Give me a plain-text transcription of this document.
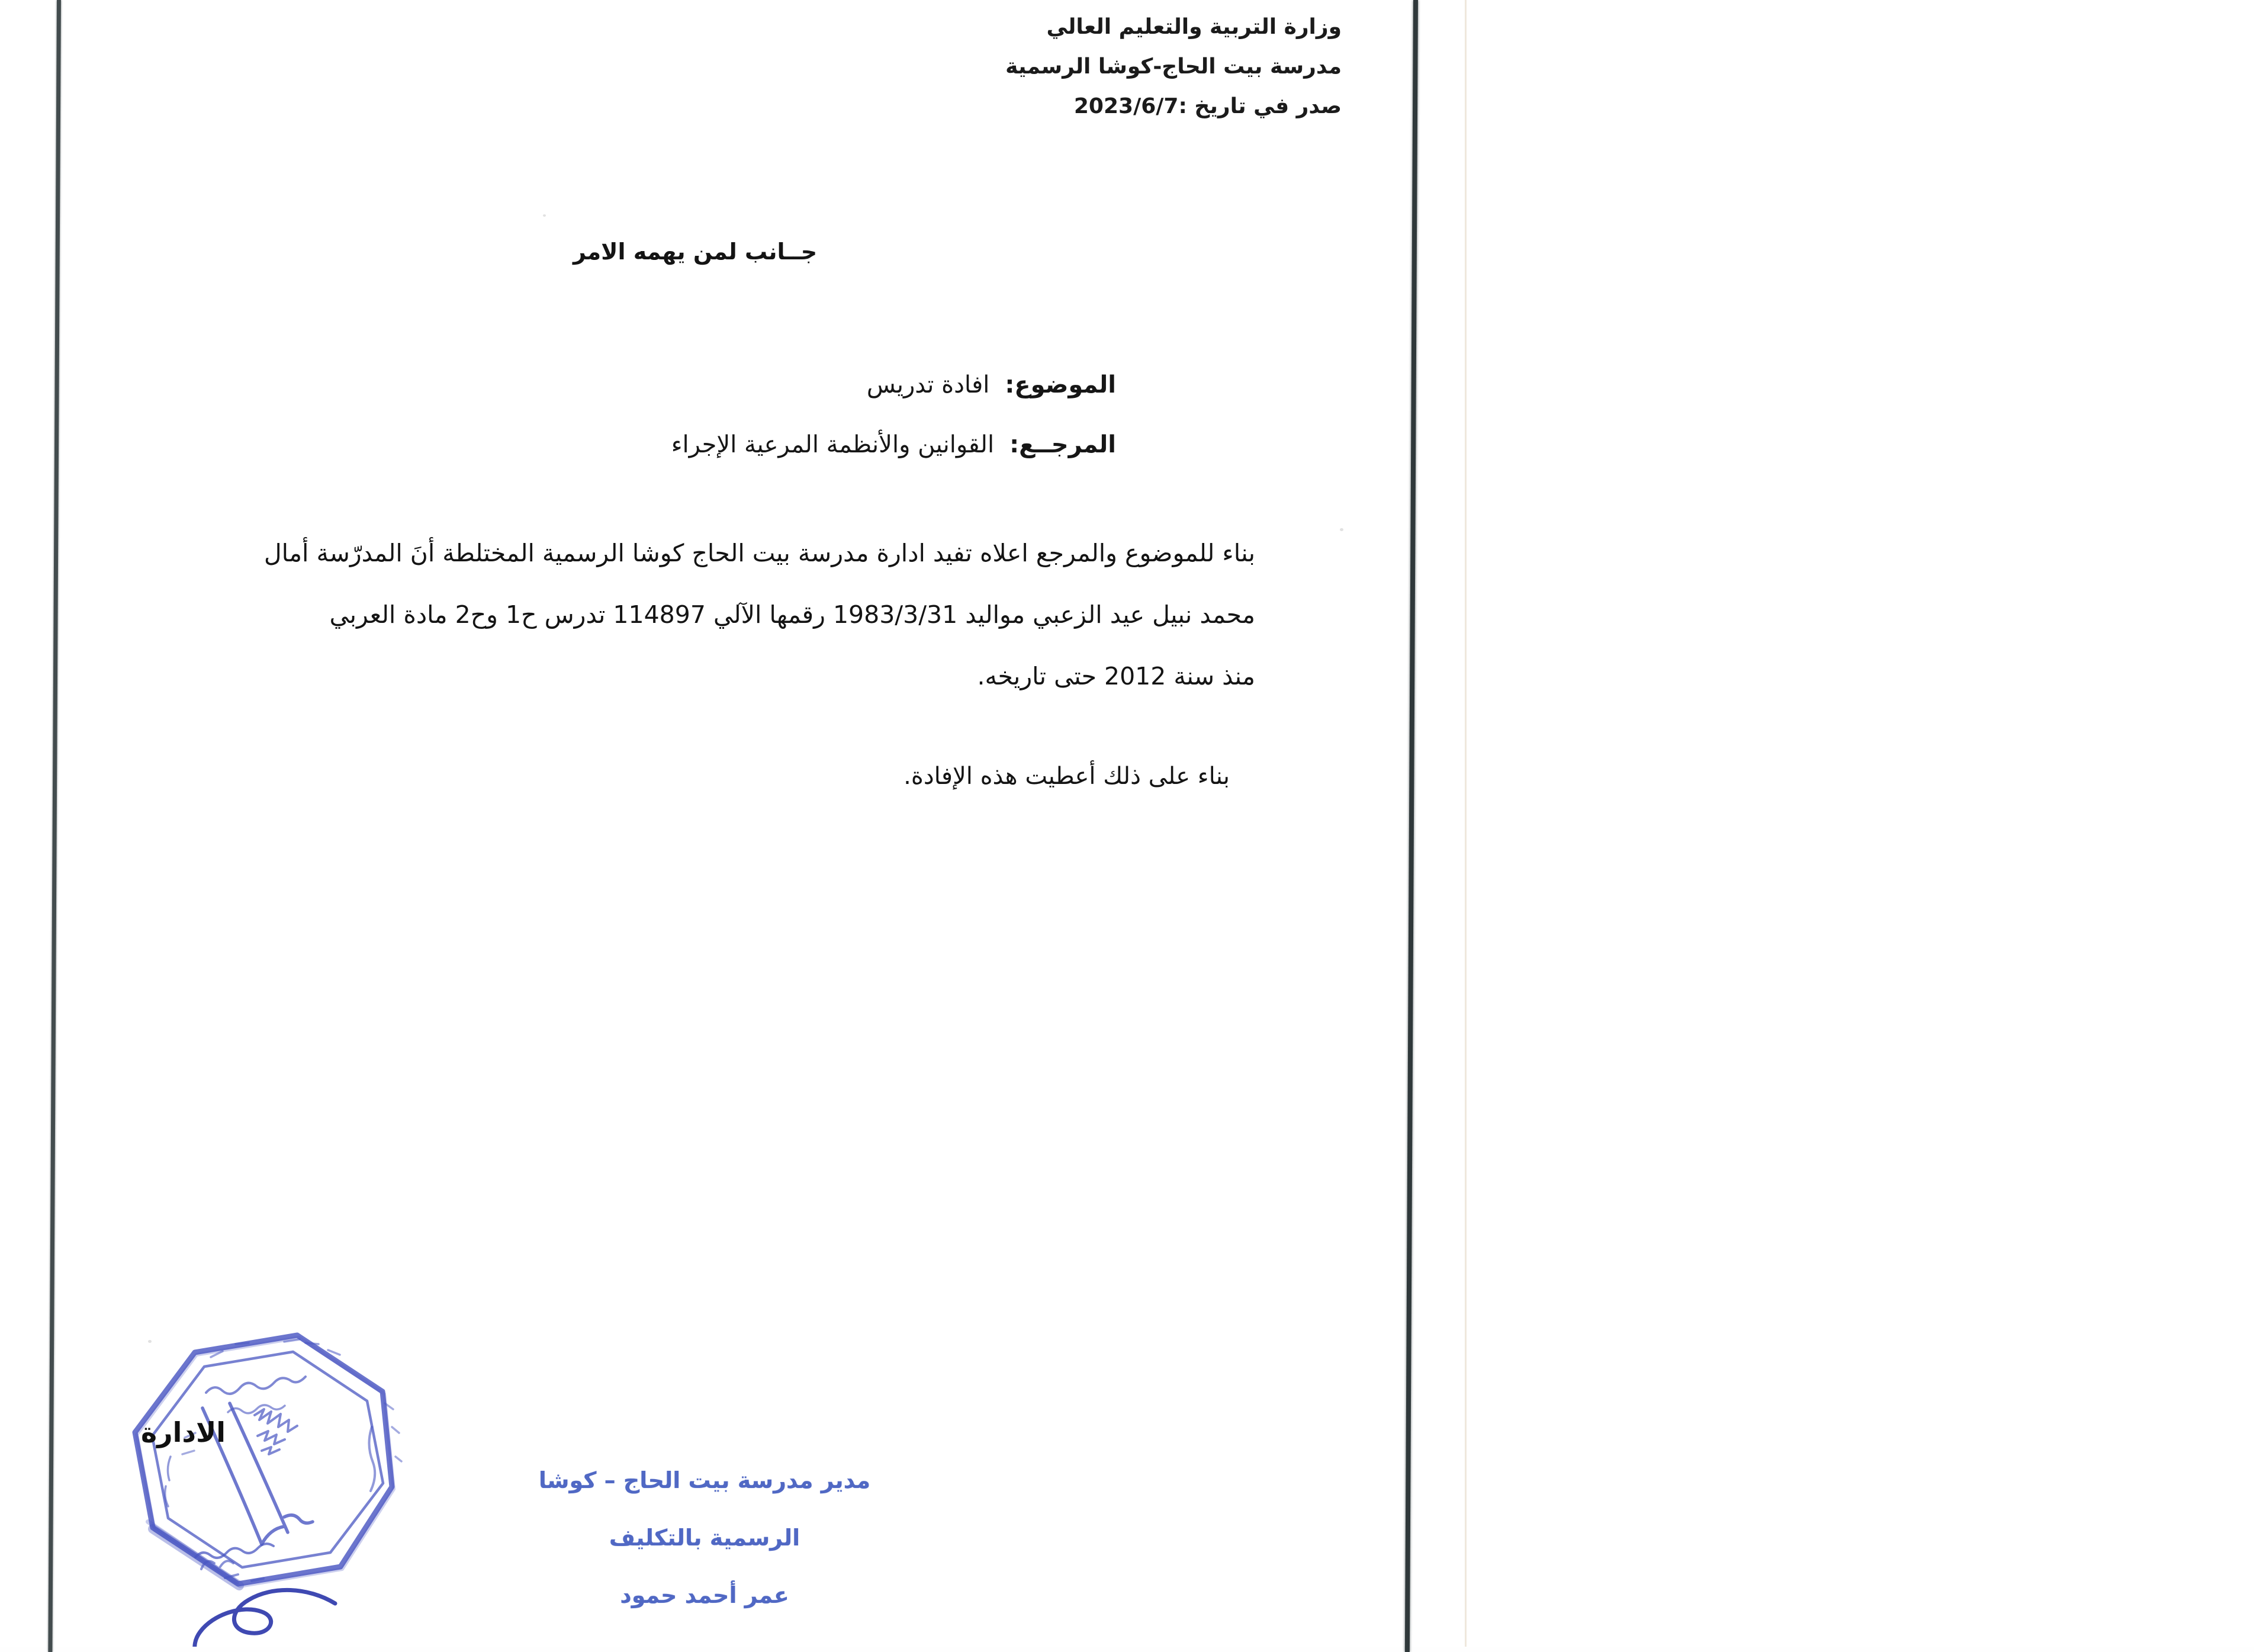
وزارة التربية والتعليم العالي
مدرسة بيت الحاج-كوشا الرسمية
صدر في تاريخ :2023/6/7
جــانب لمن يهمه الامر
الموضوع:افادة تدريس
المرجــع:القوانين والأنظمة المرعية الإجراء
بناء للموضوع والمرجع اعلاه تفيد ادارة مدرسة بيت الحاج كوشا الرسمية المختلطة أنَ المدرّسة أمال
محمد نبيل عيد الزعبي مواليد 1983/3/31 رقمها الآلي 114897 تدرس ح1 وح2 مادة العربي
منذ سنة 2012 حتى تاريخه.
بناء على ذلك أعطيت هذه الإفادة.
الادارة
مدير مدرسة بيت الحاج – كوشا
الرسمية بالتكليف
عمر أحمد حمود
